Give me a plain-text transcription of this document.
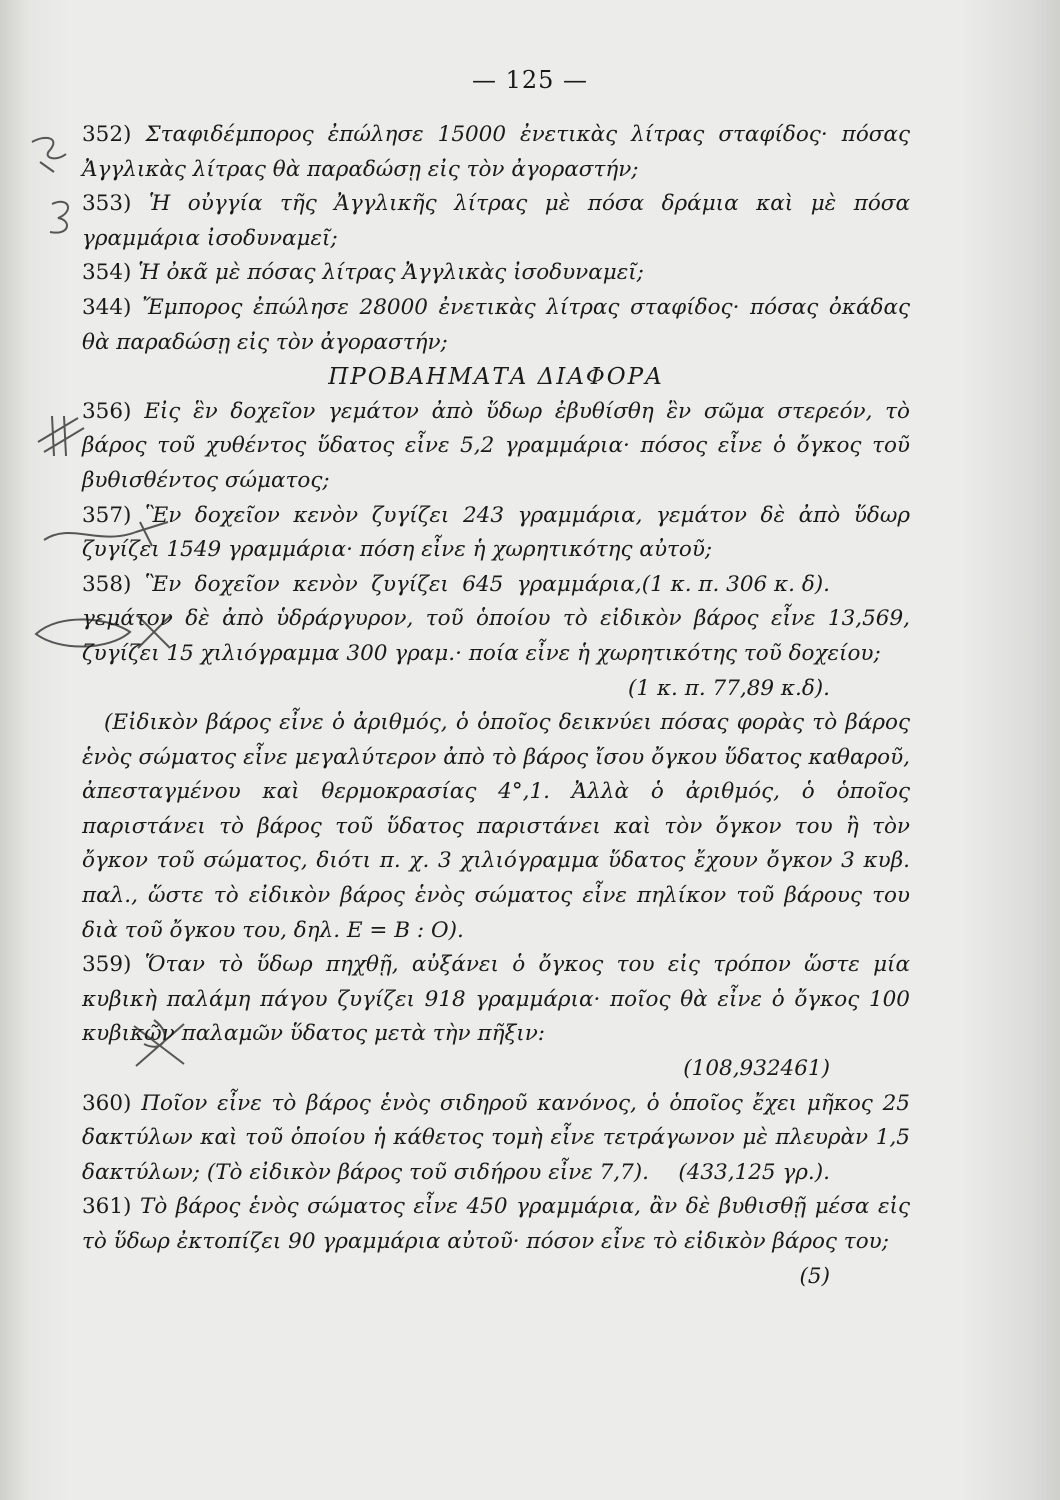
— 125 —

352) Σταφιδέμπορος ἐπώλησε 15000 ἐνετικὰς λίτρας σταφίδος· πόσας Ἀγγλικὰς λίτρας θὰ παραδώσῃ εἰς τὸν ἀγοραστήν;

353) Ἡ οὐγγία τῆς Ἀγγλικῆς λίτρας μὲ πόσα δράμια καὶ μὲ πόσα γραμμάρια ἰσοδυναμεῖ;

354) Ἡ ὀκᾶ μὲ πόσας λίτρας Ἀγγλικὰς ἰσοδυναμεῖ;

344) Ἔμπορος ἐπώλησε 28000 ἐνετικὰς λίτρας σταφίδος· πόσας ὀκάδας θὰ παραδώσῃ εἰς τὸν ἀγοραστήν;

ΠΡΟΒΑΗΜΑΤΑ ΔΙΑΦΟΡΑ

356) Εἰς ἓν δοχεῖον γεμάτον ἀπὸ ὕδωρ ἐβυθίσθη ἓν σῶμα στερεόν, τὸ βάρος τοῦ χυθέντος ὕδατος εἶνε 5,2 γραμμάρια· πόσος εἶνε ὁ ὄγκος τοῦ βυθισθέντος σώματος;

357) Ἓν δοχεῖον κενὸν ζυγίζει 243 γραμμάρια, γεμάτον δὲ ἀπὸ ὕδωρ ζυγίζει 1549 γραμμάρια· πόση εἶνε ἡ χωρητικότης αὐτοῦ;
(1 κ. π. 306 κ. δ).

358) Ἓν δοχεῖον κενὸν ζυγίζει 645 γραμμάρια, γεμάτον δὲ ἀπὸ ὑδράργυρον, τοῦ ὁποίου τὸ εἰδικὸν βάρος εἶνε 13,569, ζυγίζει 15 χιλιόγραμμα 300 γραμ.· ποία εἶνε ἡ χωρητικότης τοῦ δοχείου;
(1 κ. π. 77,89 κ.δ).

(Εἰδικὸν βάρος εἶνε ὁ ἀριθμός, ὁ ὁποῖος δεικνύει πόσας φορὰς τὸ βάρος ἑνὸς σώματος εἶνε μεγαλύτερον ἀπὸ τὸ βάρος ἴσου ὄγκου ὕδατος καθαροῦ, ἀπεσταγμένου καὶ θερμοκρασίας 4°,1. Ἀλλὰ ὁ ἀριθμός, ὁ ὁποῖος παριστάνει τὸ βάρος τοῦ ὕδατος παριστάνει καὶ τὸν ὄγκον του ἢ τὸν ὄγκον τοῦ σώματος, διότι π. χ. 3 χιλιόγραμμα ὕδατος ἔχουν ὄγκον 3 κυβ. παλ., ὥστε τὸ εἰδικὸν βάρος ἑνὸς σώματος εἶνε πηλίκον τοῦ βάρους του διὰ τοῦ ὄγκου του, δηλ. Ε = Β : Ο).

359) Ὅταν τὸ ὕδωρ πηχθῇ, αὐξάνει ὁ ὄγκος του εἰς τρόπον ὥστε μία κυβικὴ παλάμη πάγου ζυγίζει 918 γραμμάρια· ποῖος θὰ εἶνε ὁ ὄγκος 100 κυβικῶν παλαμῶν ὕδατος μετὰ τὴν πῆξιν:
(108,932461)

360) Ποῖον εἶνε τὸ βάρος ἑνὸς σιδηροῦ κανόνος, ὁ ὁποῖος ἔχει μῆκος 25 δακτύλων καὶ τοῦ ὁποίου ἡ κάθετος τομὴ εἶνε τετράγωνον μὲ πλευρὰν 1,5 δακτύλων; (Τὸ εἰδικὸν βάρος τοῦ σιδήρου εἶνε 7,7). (433,125 γρ.).

361) Τὸ βάρος ἑνὸς σώματος εἶνε 450 γραμμάρια, ἂν δὲ βυθισθῇ μέσα εἰς τὸ ὕδωρ ἐκτοπίζει 90 γραμμάρια αὐτοῦ· πόσον εἶνε τὸ εἰδικὸν βάρος του;
(5)
